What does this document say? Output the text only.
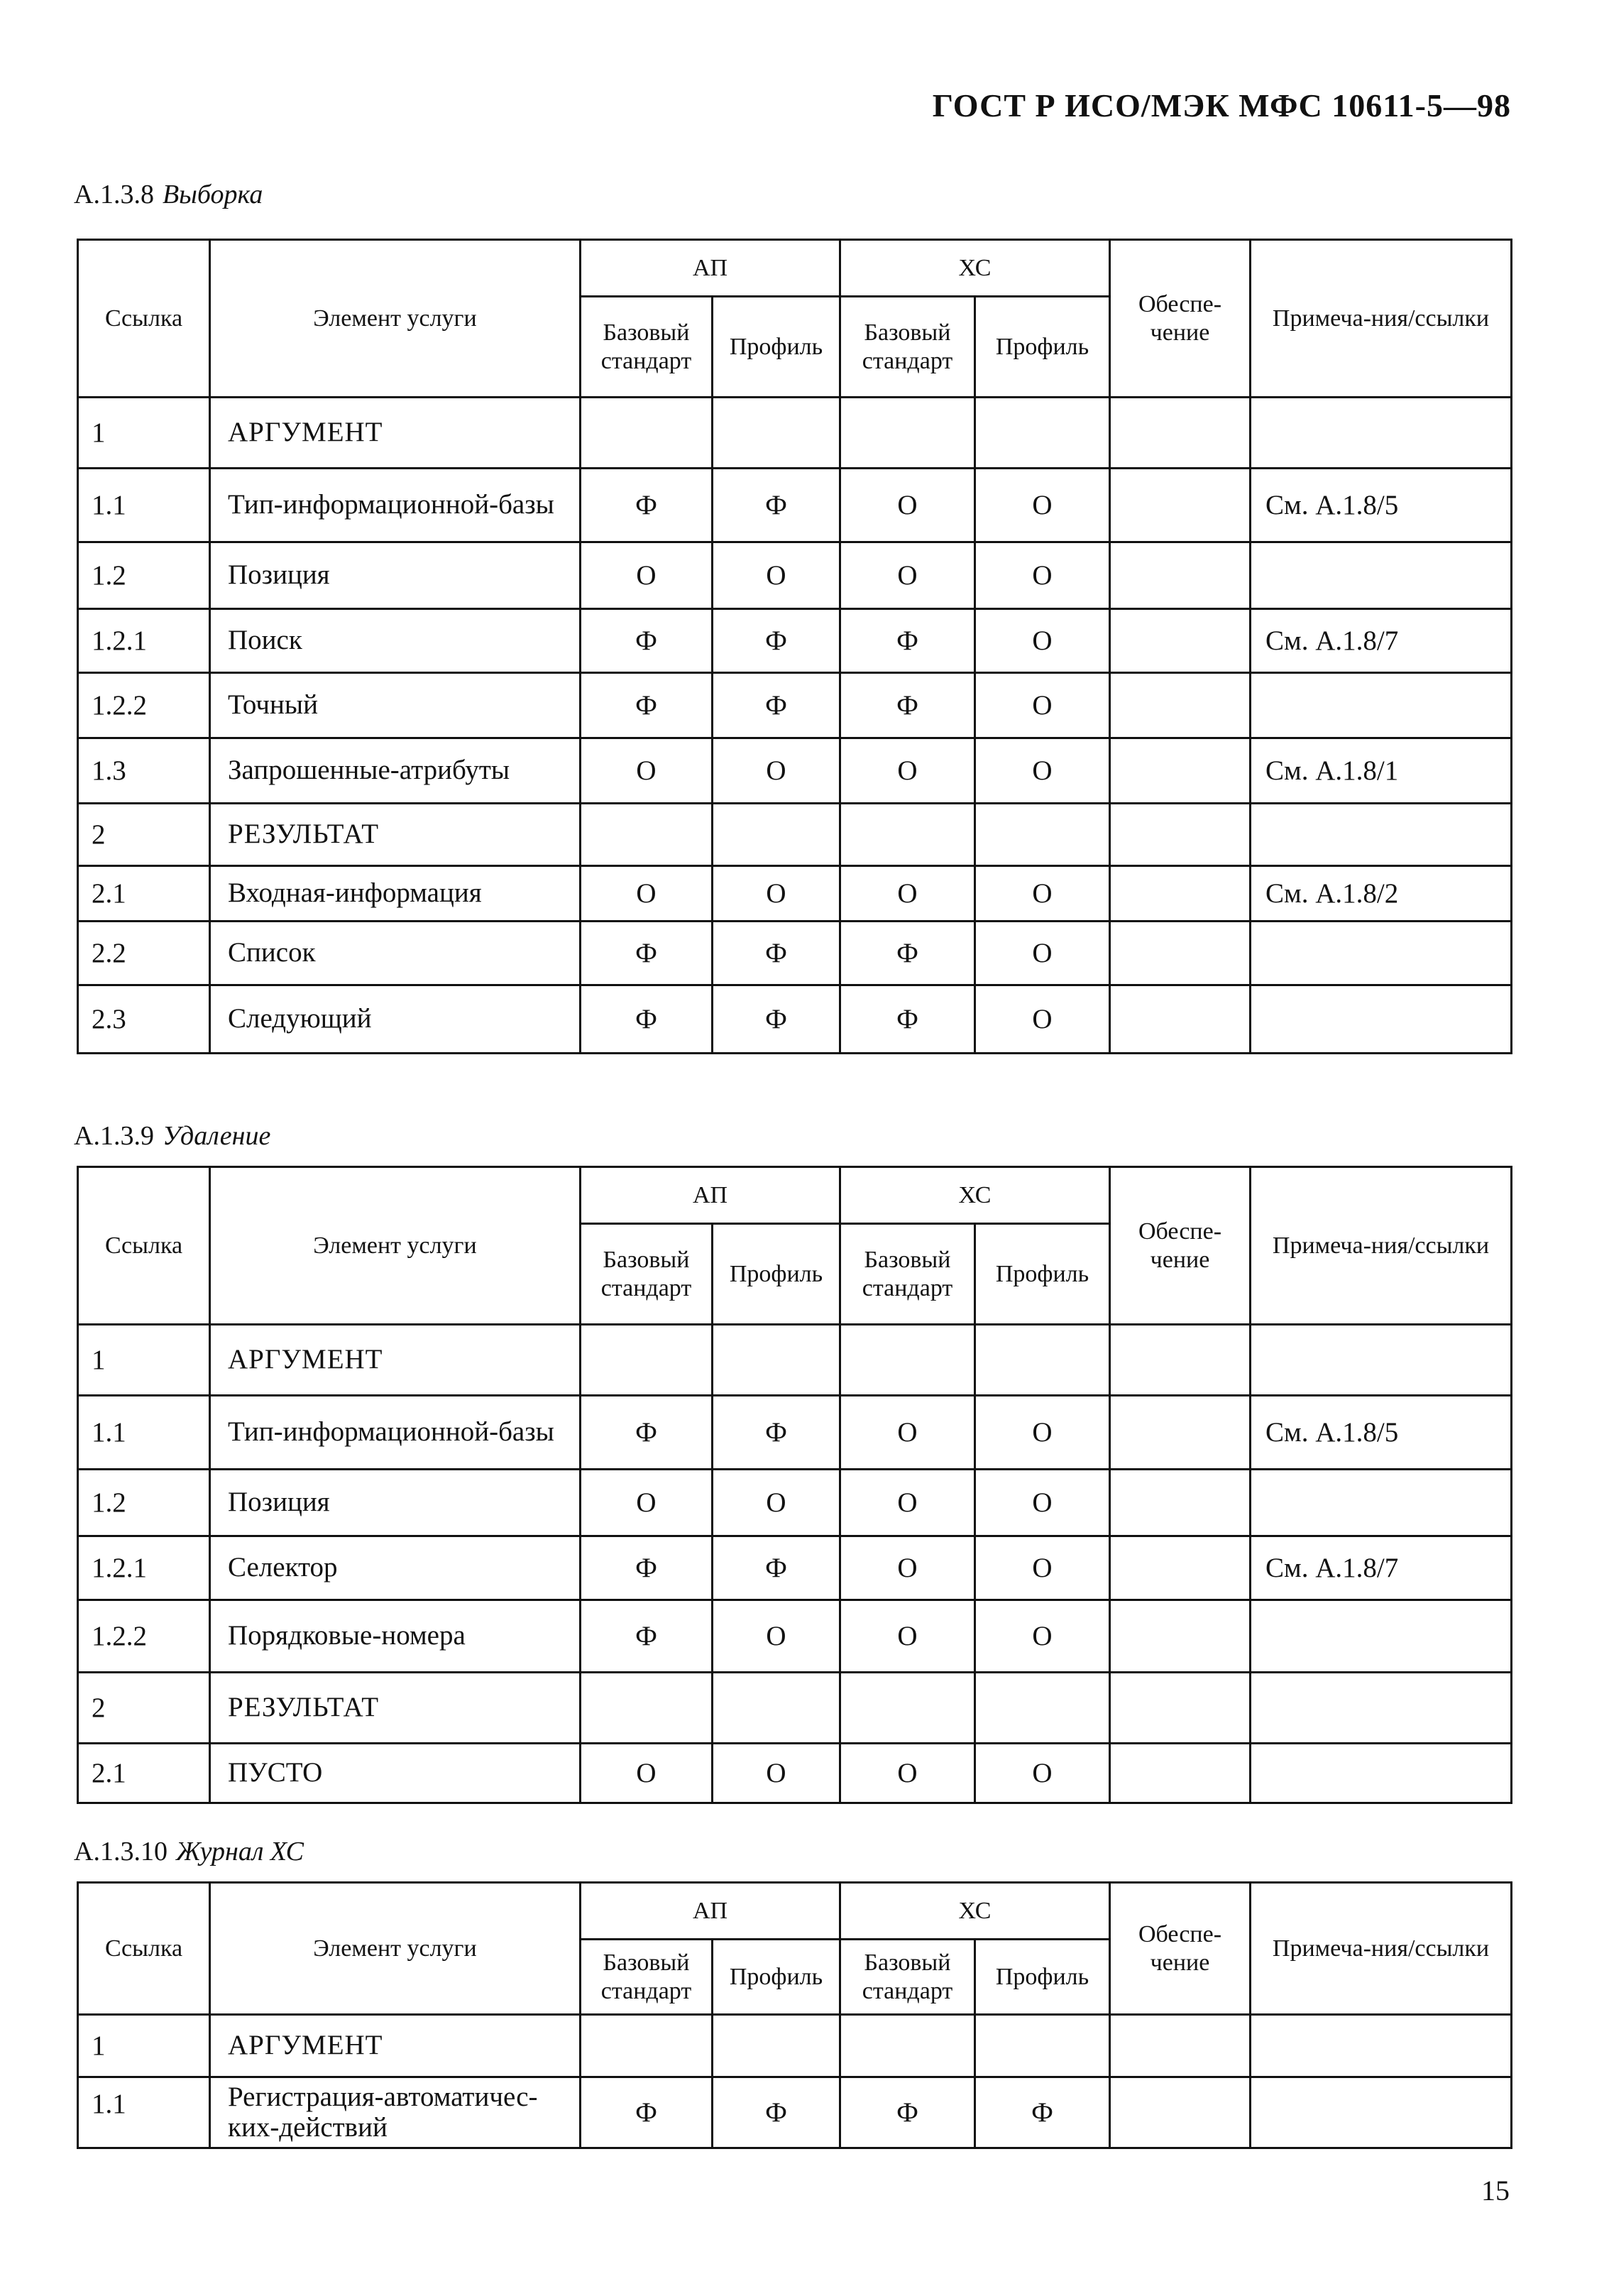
ГОСТ Р ИСО/МЭК МФС 10611-5—98
А.1.3.8 Выборка
Ссылка	Элемент услуги	АП		ХС		Обеспе-чение	Примеча-ния/ссылки
		Базовый стандарт	Профиль	Базовый стандарт	Профиль		
1	АРГУМЕНТ						
1.1	Тип-информационной-базы	Ф	Ф	О	О		См. А.1.8/5
1.2	Позиция	О	О	О	О		
1.2.1	Поиск	Ф	Ф	Ф	О		См. А.1.8/7
1.2.2	Точный	Ф	Ф	Ф	О		
1.3	Запрошенные-атрибуты	О	О	О	О		См. А.1.8/1
2	РЕЗУЛЬТАТ						
2.1	Входная-информация	О	О	О	О		См. А.1.8/2
2.2	Список	Ф	Ф	Ф	О		
2.3	Следующий	Ф	Ф	Ф	О		
А.1.3.9 Удаление
Ссылка	Элемент услуги	АП		ХС		Обеспе-чение	Примеча-ния/ссылки
		Базовый стандарт	Профиль	Базовый стандарт	Профиль		
1	АРГУМЕНТ						
1.1	Тип-информационной-базы	Ф	Ф	О	О		См. А.1.8/5
1.2	Позиция	О	О	О	О		
1.2.1	Селектор	Ф	Ф	О	О		См. А.1.8/7
1.2.2	Порядковые-номера	Ф	О	О	О		
2	РЕЗУЛЬТАТ						
2.1	ПУСТО	О	О	О	О		
А.1.3.10 Журнал ХС
Ссылка	Элемент услуги	АП		ХС		Обеспе-чение	Примеча-ния/ссылки
		Базовый стандарт	Профиль	Базовый стандарт	Профиль		
1	АРГУМЕНТ						
1.1	Регистрация-автоматичес-ких-действий	Ф	Ф	Ф	Ф		
15
